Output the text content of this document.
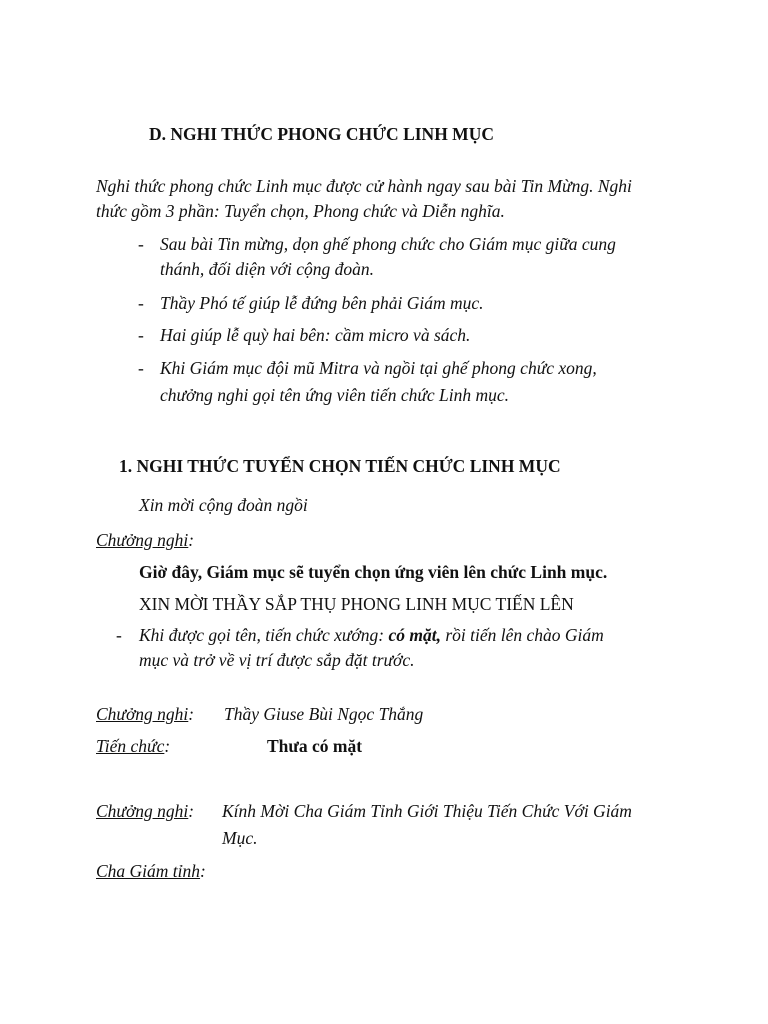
D. NGHI THỨC PHONG CHỨC LINH MỤC
Nghi thức phong chức Linh mục được cử hành ngay sau bài Tin Mừng. Nghi
thức gồm 3 phần: Tuyển chọn, Phong chức và Diễn nghĩa.
- Sau bài Tin mừng, dọn ghế phong chức cho Giám mục giữa cung
thánh, đối diện với cộng đoàn.
- Thầy Phó tế giúp lễ đứng bên phải Giám mục.
- Hai giúp lễ quỳ hai bên: cầm micro và sách.
- Khi Giám mục đội mũ Mitra và ngồi tại ghế phong chức xong,
chưởng nghi gọi tên ứng viên tiến chức Linh mục.
1. NGHI THỨC TUYỂN CHỌN TIẾN CHỨC LINH MỤC
Xin mời cộng đoàn ngồi
Chưởng nghi:
Giờ đây, Giám mục sẽ tuyển chọn ứng viên lên chức Linh mục.
XIN MỜI THẦY SẮP THỤ PHONG LINH MỤC TIẾN LÊN
- Khi được gọi tên, tiến chức xướng: có mặt, rồi tiến lên chào Giám
mục và trở về vị trí được sắp đặt trước.
Chưởng nghi: Thầy Giuse Bùi Ngọc Thắng
Tiến chức:	Thưa có mặt
Chưởng nghi: Kính Mời Cha Giám Tỉnh Giới Thiệu Tiến Chức Với Giám
Mục.
Cha Giám tỉnh:
